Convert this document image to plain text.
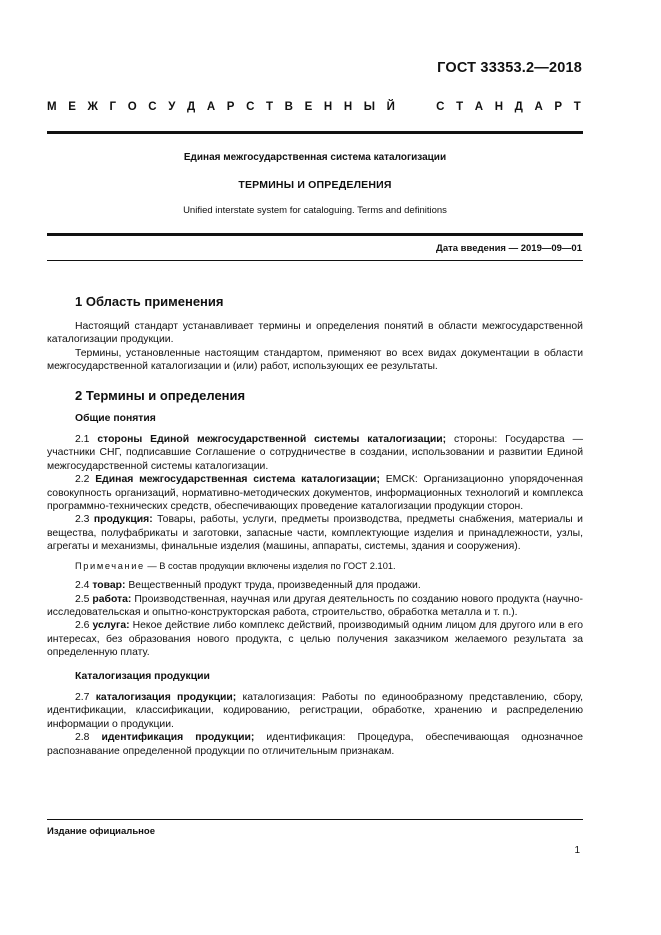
ГОСТ 33353.2—2018
М Е Ж Г О С У Д А Р С Т В Е Н Н Ы Й	С Т А Н Д А Р Т
Единая межгосударственная система каталогизации
ТЕРМИНЫ И ОПРЕДЕЛЕНИЯ
Unified interstate system for cataloguing. Terms and definitions
Дата введения — 2019—09—01
1 Область применения

Настоящий стандарт устанавливает термины и определения понятий в области межгосударственной каталогизации продукции.

Термины, установленные настоящим стандартом, применяют во всех видах документации в области межгосударственной каталогизации и (или) работ, использующих ее результаты.

2 Термины и определения
Общие понятия

2.1 стороны Единой межгосударственной системы каталогизации; стороны: Государства — участники СНГ, подписавшие Соглашение о сотрудничестве в создании, использовании и развитии Единой межгосударственной системы каталогизации.

2.2 Единая межгосударственная система каталогизации; ЕМСК: Организационно упорядоченная совокупность организаций, нормативно-методических документов, информационных технологий и комплекса программно-технических средств, обеспечивающих проведение каталогизации продукции сторон.

2.3 продукция: Товары, работы, услуги, предметы производства, предметы снабжения, материалы и вещества, полуфабрикаты и заготовки, запасные части, комплектующие изделия и принадлежности, узлы, агрегаты и механизмы, финальные изделия (машины, аппараты, системы, здания и сооружения).

Примечание — В состав продукции включены изделия по ГОСТ 2.101.

2.4 товар: Вещественный продукт труда, произведенный для продажи.

2.5 работа: Производственная, научная или другая деятельность по созданию нового продукта (научно-исследовательская и опытно-конструкторская работа, строительство, обработка металла и т. п.).

2.6 услуга: Некое действие либо комплекс действий, производимый одним лицом для другого или в его интересах, без образования нового продукта, с целью получения заказчиком желаемого результата за определенную плату.

Каталогизация продукции

2.7 каталогизация продукции; каталогизация: Работы по единообразному представлению, сбору, идентификации, классификации, кодированию, регистрации, обработке, хранению и распределению информации о продукции.

2.8 идентификация продукции; идентификация: Процедура, обеспечивающая однозначное распознавание определенной продукции по отличительным признакам.

Издание официальное
1
